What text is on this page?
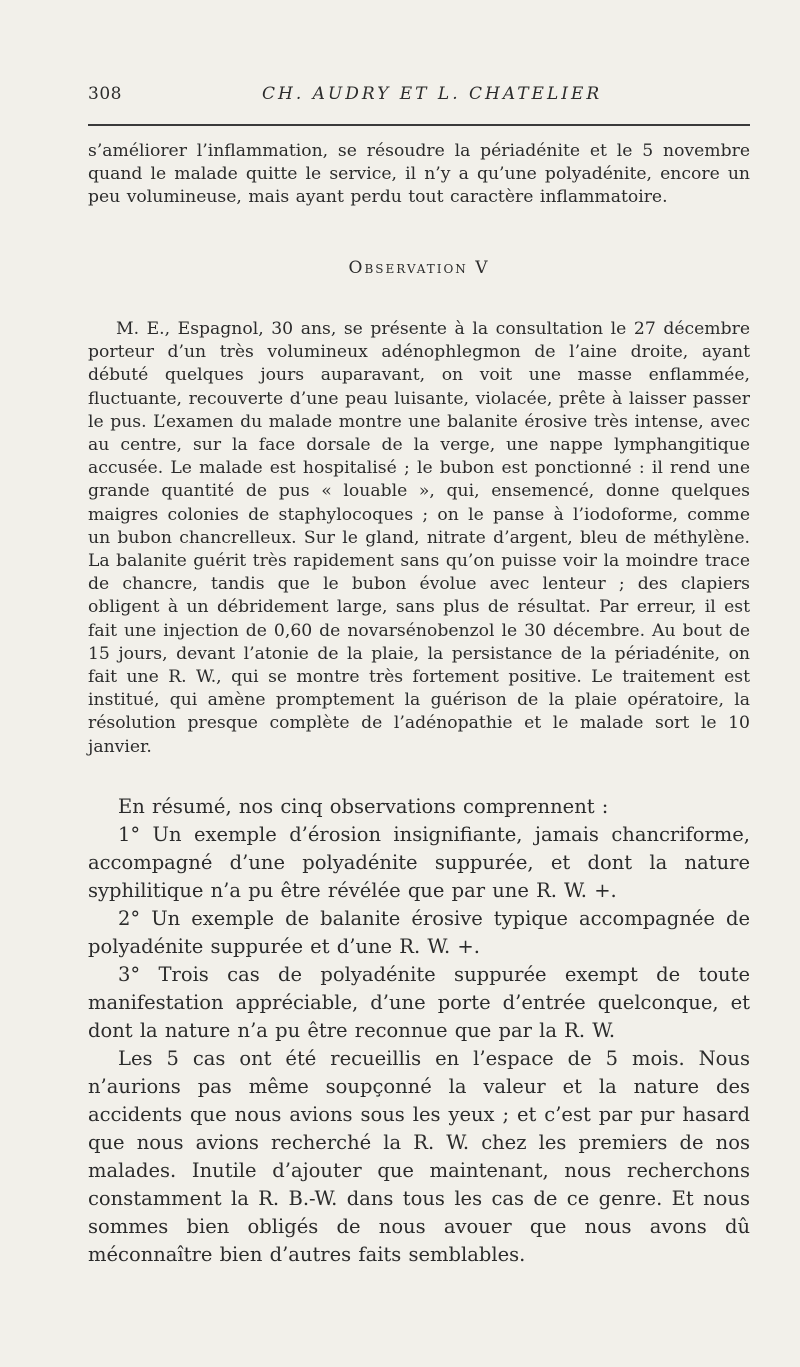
308	CH. AUDRY ET L. CHATELIER

s’améliorer l’inflammation, se résoudre la périadénite et le 5 novembre quand le malade quitte le service, il n’y a qu’une polyadénite, encore un peu volumineuse, mais ayant perdu tout caractère inflammatoire.

Observation V

M. E., Espagnol, 30 ans, se présente à la consultation le 27 décembre porteur d’un très volumineux adénophlegmon de l’aine droite, ayant débuté quelques jours auparavant, on voit une masse enflammée, fluctuante, recouverte d’une peau luisante, violacée, prête à laisser passer le pus. L’examen du malade montre une balanite érosive très intense, avec au centre, sur la face dorsale de la verge, une nappe lymphangitique accusée. Le malade est hospitalisé ; le bubon est ponctionné : il rend une grande quantité de pus « louable », qui, ensemencé, donne quelques maigres colonies de staphylocoques ; on le panse à l’iodoforme, comme un bubon chancrelleux. Sur le gland, nitrate d’argent, bleu de méthylène. La balanite guérit très rapidement sans qu’on puisse voir la moindre trace de chancre, tandis que le bubon évolue avec lenteur ; des clapiers obligent à un débridement large, sans plus de résultat. Par erreur, il est fait une injection de 0,60 de novarsénobenzol le 30 décembre. Au bout de 15 jours, devant l’atonie de la plaie, la persistance de la périadénite, on fait une R. W., qui se montre très fortement positive. Le traitement est institué, qui amène promptement la guérison de la plaie opératoire, la résolution presque complète de l’adénopathie et le malade sort le 10 janvier.

En résumé, nos cinq observations comprennent :

1° Un exemple d’érosion insignifiante, jamais chancriforme, accompagné d’une polyadénite suppurée, et dont la nature syphilitique n’a pu être révélée que par une R. W. +.

2° Un exemple de balanite érosive typique accompagnée de polyadénite suppurée et d’une R. W. +.

3° Trois cas de polyadénite suppurée exempt de toute manifestation appréciable, d’une porte d’entrée quelconque, et dont la nature n’a pu être reconnue que par la R. W.

Les 5 cas ont été recueillis en l’espace de 5 mois. Nous n’aurions pas même soupçonné la valeur et la nature des accidents que nous avions sous les yeux ; et c’est par pur hasard que nous avions recherché la R. W. chez les premiers de nos malades. Inutile d’ajouter que maintenant, nous recherchons constamment la R. B.-W. dans tous les cas de ce genre. Et nous sommes bien obligés de nous avouer que nous avons dû méconnaître bien d’autres faits semblables.
